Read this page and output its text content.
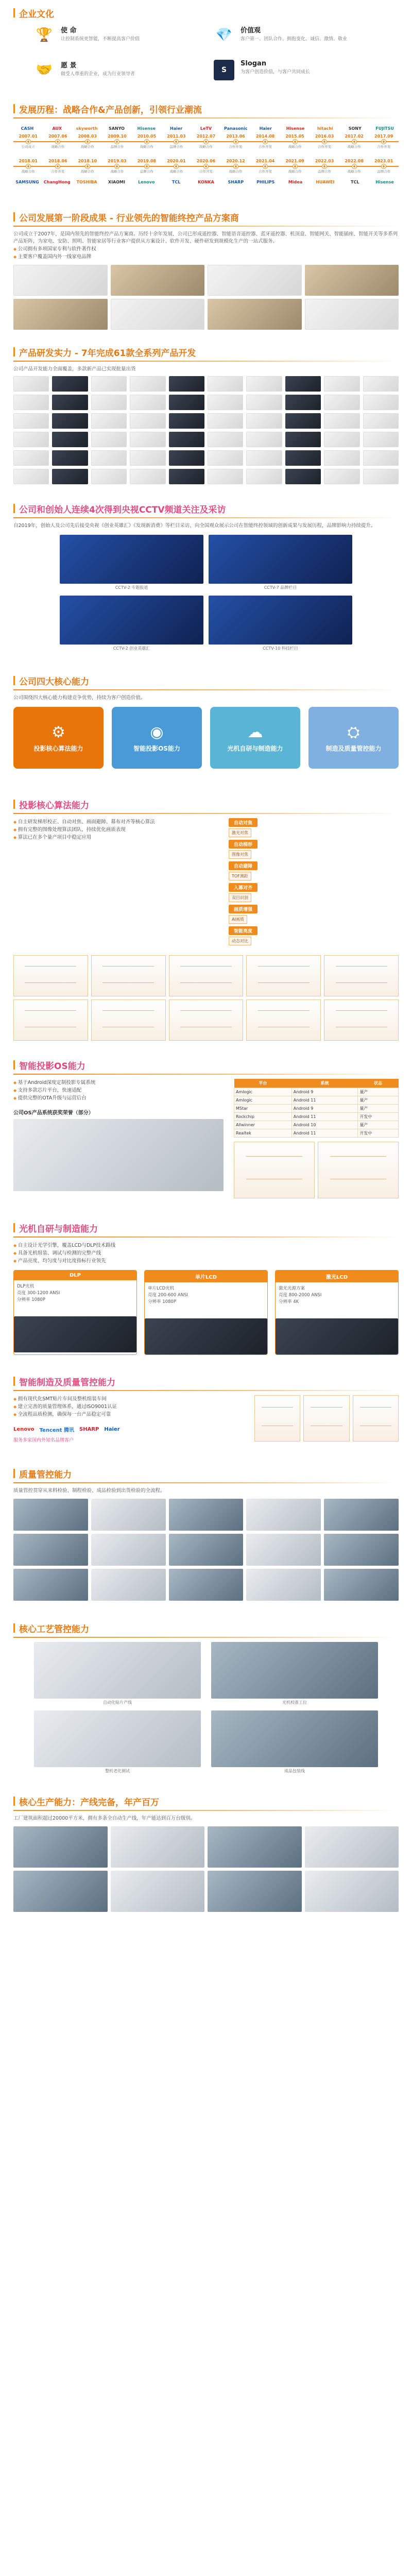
企业文化
🏆 使 命
让控制系统更智能，不断提高客户价值	💎 价值观
客户第一、团队合作、拥抱变化、诚信、激情、敬业
🤝 愿 景
做受人尊重的企业，成为行业领导者	S
Slogan
为客户创造价值，与客户共同成长
发展历程：战略合作&产品创新，引领行业潮流
CASH	AUX	skyworth	SANYO	Hisense	Haier	LeTV	Panasonic	Haier	Hisense	hitachi	SONY	FUJITSU
2007.01	2007.06	2008.03	2009.10	2010.05	2011.03	2012.07	2013.06	2014.08	2015.05	2016.03	2017.02	2017.09
公司成立	战略合作	战略合作	品牌合作	战略合作	品牌合作	战略合作	合作开发	合作开发	战略合作	合作开发	战略合作	合作开发
2018.01	2018.06	2018.10	2019.03	2019.08	2020.01	2020.06	2020.12	2021.04	2021.09	2022.03	2022.08	2023.01
战略合作	合作开发	战略合作	战略合作	品牌合作	战略合作	合作开发	战略合作	合作开发	战略合作	品牌合作	战略合作	品牌合作
SAMSUNG	ChangHong	TOSHIBA	XIAOMI	Lenovo	TCL	KONKA	SHARP	PHILIPS	Midea	HUAWEI	TCL	Hisense
公司发展第一阶段成果 - 行业领先的智能终控产品方案商

公司成立于2007年，是国内领先的智能终控产品方案商。历经十余年发展，公司已形成遥控器、智能语音遥控器、蓝牙遥控器、机顶盒、智能网关、智能插座、智能开关等多系列产品矩阵，为家电、安防、照明、智能家居等行业客户提供从方案设计、软件开发、硬件研发到规模化生产的一站式服务。

◆ 公司拥有多项国家专利与软件著作权
◆ 主要客户覆盖国内外一线家电品牌
产品研发实力 - 7年完成61款全系列产品开发

公司产品开发能力全面覆盖，多款新产品已实现批量出货

公司和创始人连续4次得到央视CCTV频道关注及采访

自2019年，创始人及公司先后接受央视《创业英雄汇》《发现新消费》等栏目采访，向全国观众展示公司在智能终控领域的创新成果与发展历程，品牌影响力持续提升。

CCTV-2 专题报道	CCTV-7 品牌栏目
CCTV-2 创业英雄汇	CCTV-10 科技栏目
公司四大核心能力

公司围绕四大核心能力构建竞争优势，持续为客户创造价值。

⚙
投影核心算法能力
◉
智能投影OS能力
☁
光机自研与制造能力
⛭
制造及质量管控能力
投影核心算法能力
◆ 自主研发梯形校正、自动对焦、画面避障、幕布对齐等核心算法
◆ 拥有完整的图像处理算法团队，持续优化画质表现
◆ 算法已在多个量产项目中稳定应用
自动对焦
激光对焦
自动梯形
图像对焦
自动避障
TOF测距
入幕对齐
双目识别
画质增强
AI画质
智能亮度
动态对比
智能投影OS能力
◆ 基于Android深度定制投影专属系统
◆ 支持多款芯片平台，快速适配
◆ 提供完整的OTA升级与运营后台
公司OS产品系统获奖荣誉（部分）
平台	系统	状态
Amlogic	Android 9	量产
Amlogic	Android 11	量产
MStar	Android 9	量产
Rockchip	Android 11	开发中
Allwinner	Android 10	量产
Realtek	Android 11	开发中
光机自研与制造能力
◆ 自主设计光学引擎，覆盖LCD与DLP技术路线
◆ 具备光机组装、调试与检测的完整产线
◆ 产品亮度、均匀度与对比度指标行业领先
DLP
DLP光机
亮度 300-1200 ANSI
分辨率 1080P
单片LCD
单片LCD光机
亮度 200-600 ANSI
分辨率 1080P
激光LCD
激光光源方案
亮度 800-2000 ANSI
分辨率 4K
智能制造及质量管控能力
◆ 拥有现代化SMT贴片车间及整机组装车间
◆ 建立完善的质量管理体系，通过ISO9001认证
◆ 全流程品质检测，确保每一台产品稳定可靠
Lenovo Tencent 腾讯 SHARP Haier
服务多家国内外知名品牌客户
质量管控能力

质量管控贯穿从来料检验、制程检验、成品检验到出货检验的全流程。

核心工艺管控能力
自动化贴片产线	光机校准工位
整机老化测试	成品包装线
核心生产能力：产线完备，年产百万

工厂建筑面积超过20000平方米，拥有多条全自动生产线，年产能达到百万台级别。
